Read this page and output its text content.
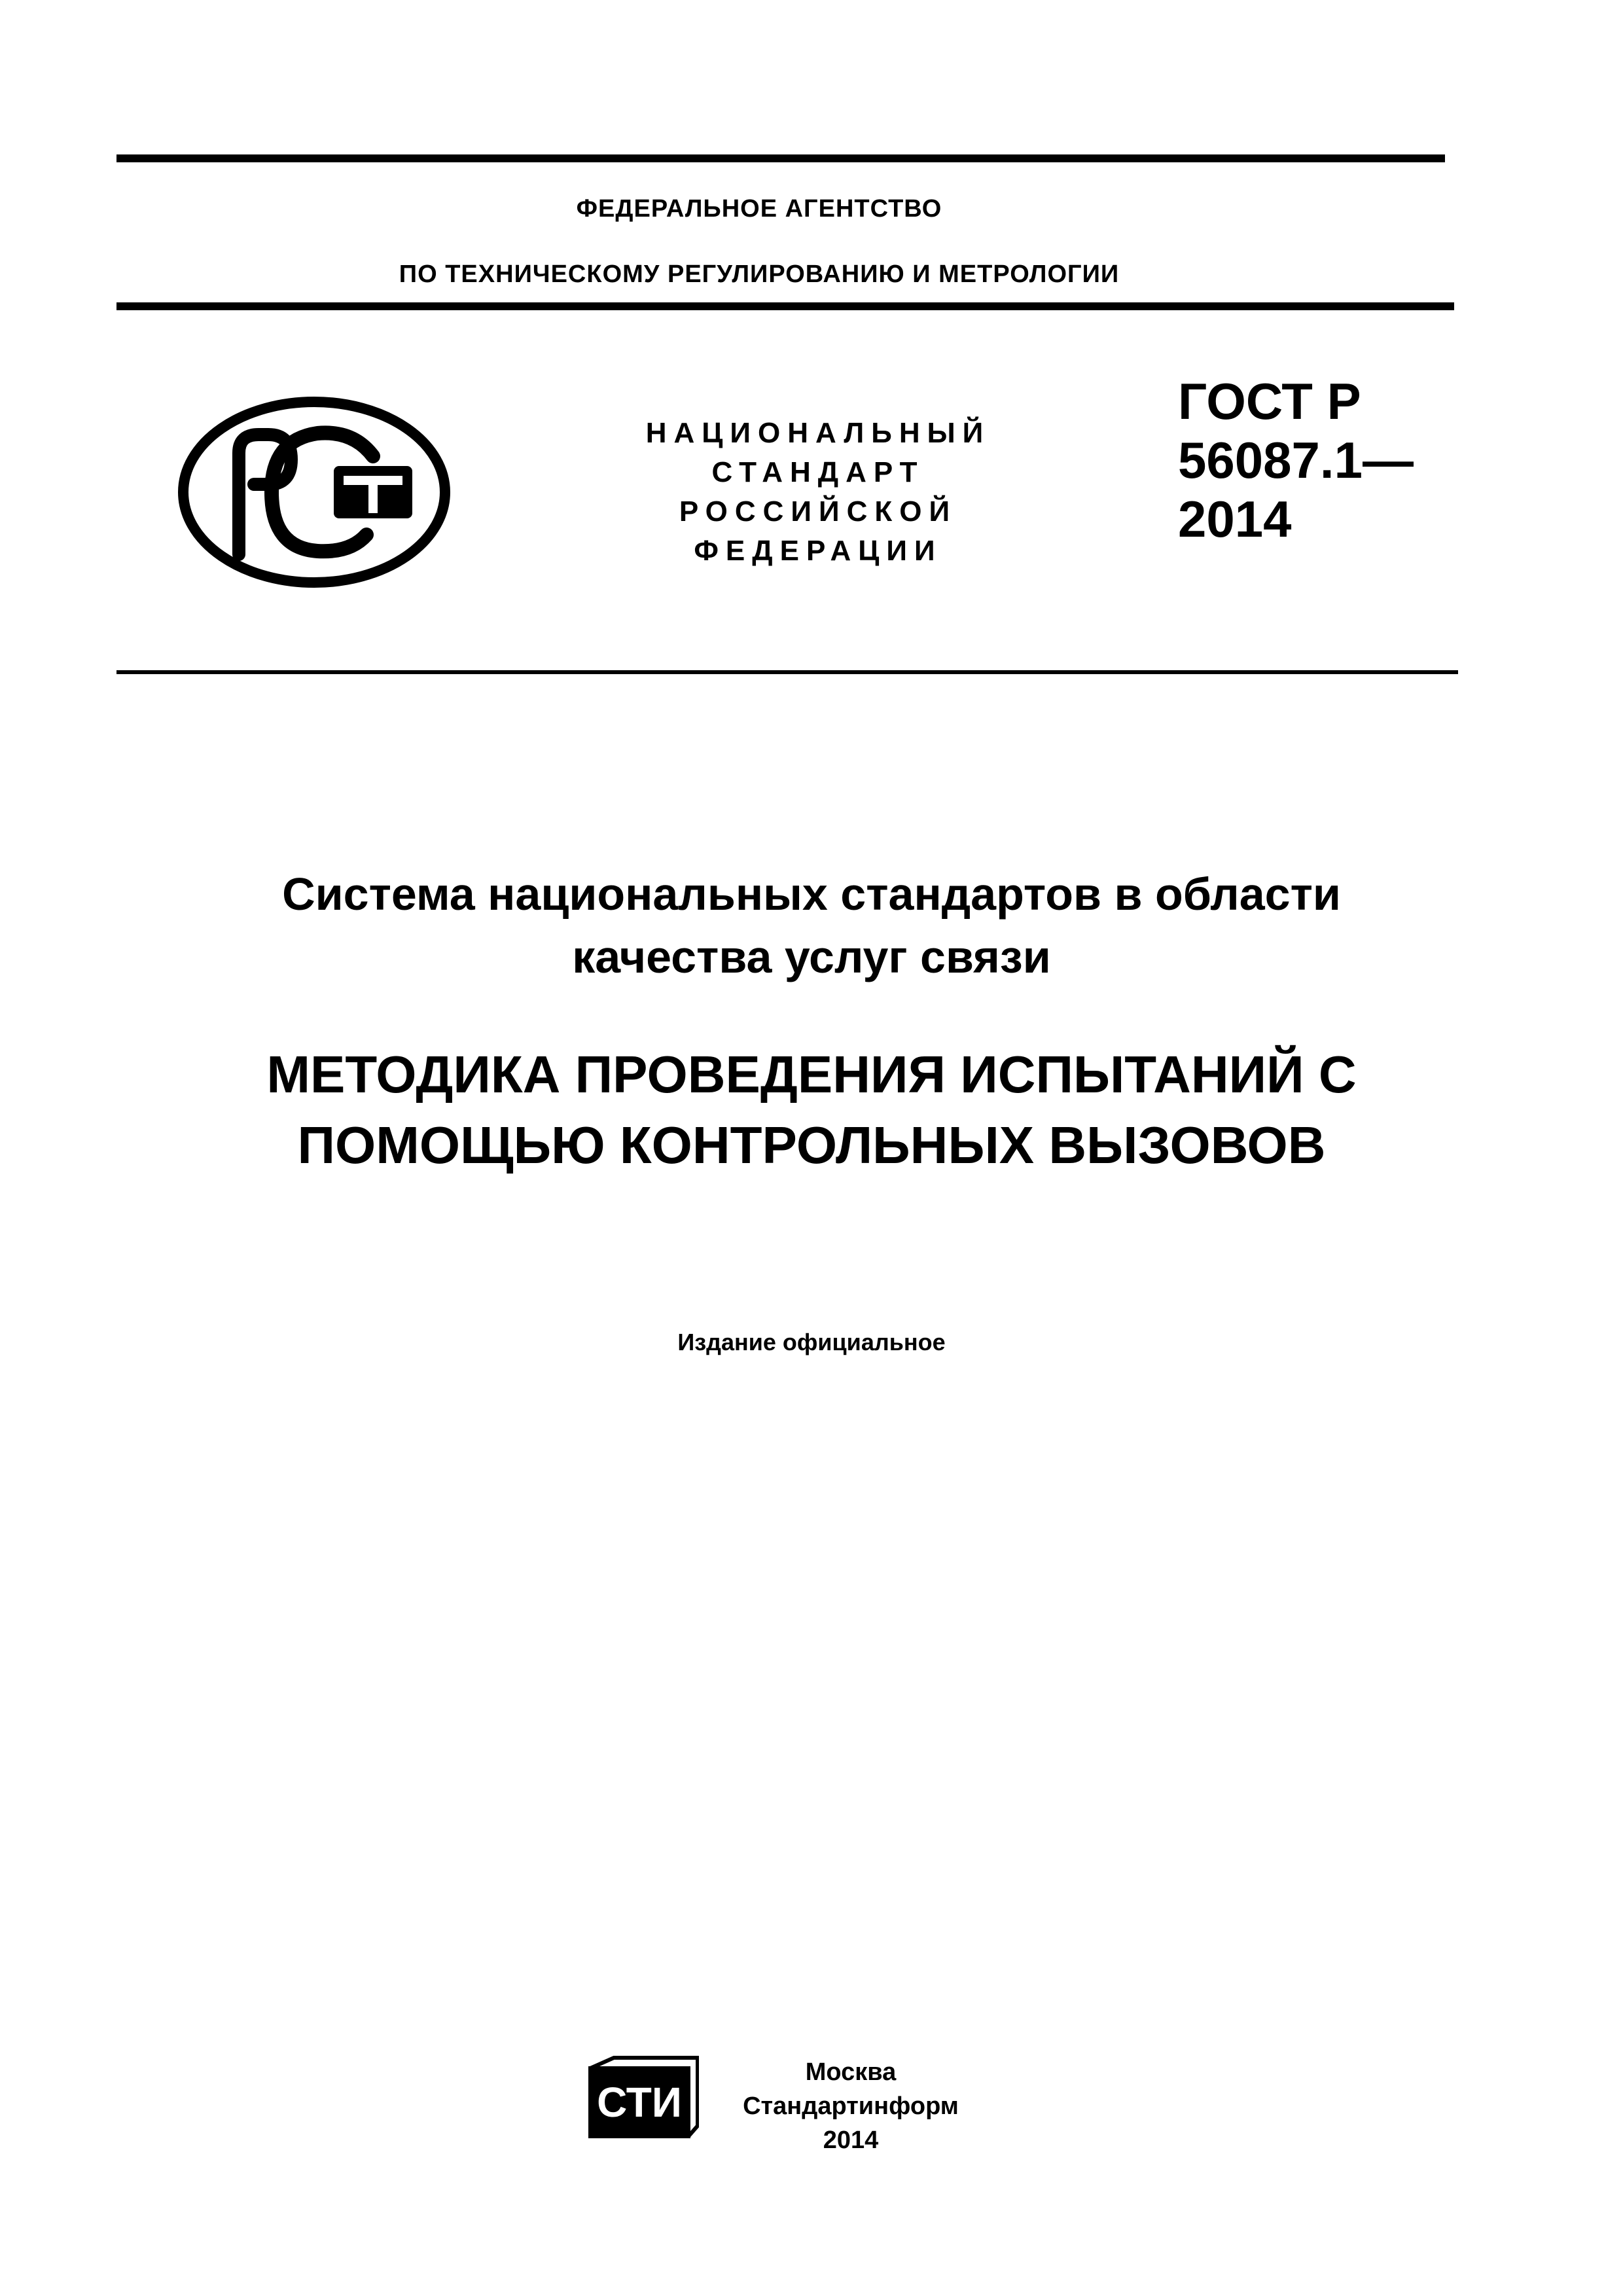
ФЕДЕРАЛЬНОЕ АГЕНТСТВО
ПО ТЕХНИЧЕСКОМУ РЕГУЛИРОВАНИЮ И МЕТРОЛОГИИ
НАЦИОНАЛЬНЫЙ
СТАНДАРТ
РОССИЙСКОЙ
ФЕДЕРАЦИИ
ГОСТ Р
56087.1—
2014
Система национальных стандартов в области
качества услуг связи
МЕТОДИКА ПРОВЕДЕНИЯ ИСПЫТАНИЙ С
ПОМОЩЬЮ КОНТРОЛЬНЫХ ВЫЗОВОВ
Издание официальное
СТИ
Москва
Стандартинформ
2014
